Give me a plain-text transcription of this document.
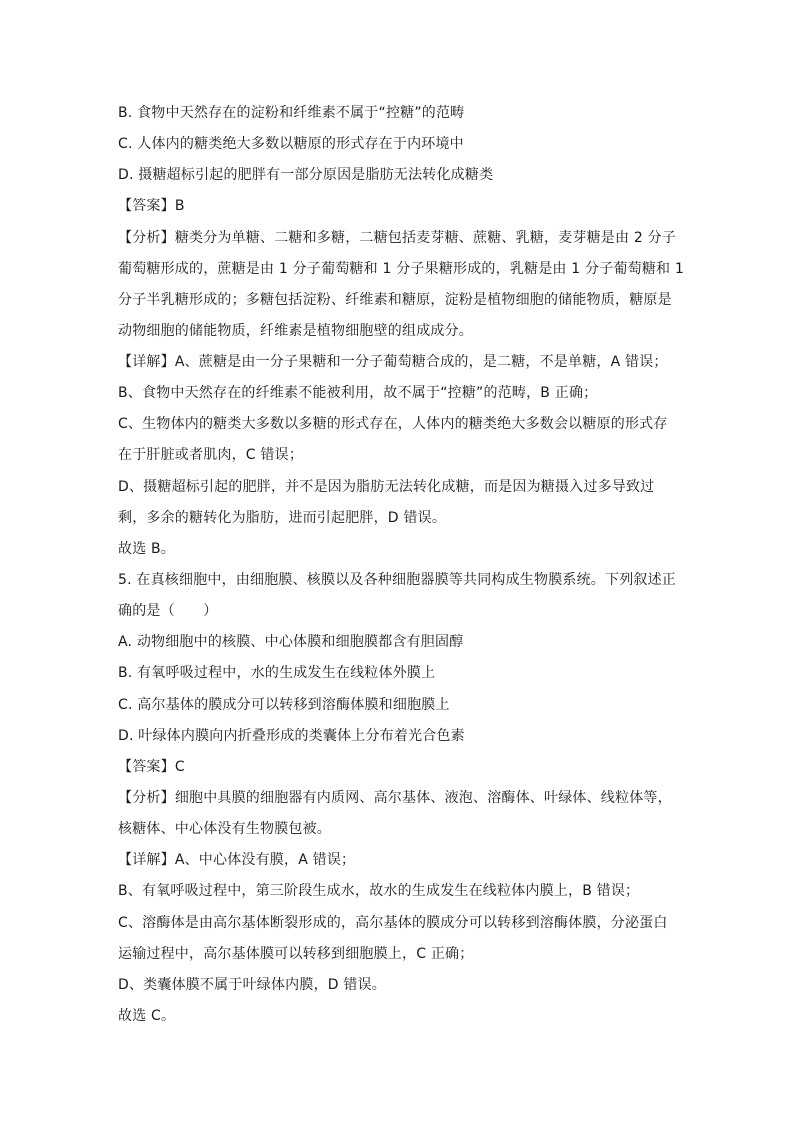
B. 食物中天然存在的淀粉和纤维素不属于“控糖”的范畴
C. 人体内的糖类绝大多数以糖原的形式存在于内环境中
D. 摄糖超标引起的肥胖有一部分原因是脂肪无法转化成糖类
【答案】B
【分析】糖类分为单糖、二糖和多糖，二糖包括麦芽糖、蔗糖、乳糖，麦芽糖是由 2 分子
葡萄糖形成的，蔗糖是由 1 分子葡萄糖和 1 分子果糖形成的，乳糖是由 1 分子葡萄糖和 1
分子半乳糖形成的；多糖包括淀粉、纤维素和糖原，淀粉是植物细胞的储能物质，糖原是
动物细胞的储能物质，纤维素是植物细胞壁的组成成分。
【详解】A、蔗糖是由一分子果糖和一分子葡萄糖合成的，是二糖，不是单糖，A 错误；
B、食物中天然存在的纤维素不能被利用，故不属于“控糖”的范畴，B 正确；
C、生物体内的糖类大多数以多糖的形式存在，人体内的糖类绝大多数会以糖原的形式存
在于肝脏或者肌肉，C 错误；
D、摄糖超标引起的肥胖，并不是因为脂肪无法转化成糖，而是因为糖摄入过多导致过
剩，多余的糖转化为脂肪，进而引起肥胖，D 错误。
故选 B。
5. 在真核细胞中，由细胞膜、核膜以及各种细胞器膜等共同构成生物膜系统。下列叙述正
确的是（　　）
A. 动物细胞中的核膜、中心体膜和细胞膜都含有胆固醇
B. 有氧呼吸过程中，水的生成发生在线粒体外膜上
C. 高尔基体的膜成分可以转移到溶酶体膜和细胞膜上
D. 叶绿体内膜向内折叠形成的类囊体上分布着光合色素
【答案】C
【分析】细胞中具膜的细胞器有内质网、高尔基体、液泡、溶酶体、叶绿体、线粒体等，
核糖体、中心体没有生物膜包被。
【详解】A、中心体没有膜，A 错误；
B、有氧呼吸过程中，第三阶段生成水，故水的生成发生在线粒体内膜上，B 错误；
C、溶酶体是由高尔基体断裂形成的，高尔基体的膜成分可以转移到溶酶体膜，分泌蛋白
运输过程中，高尔基体膜可以转移到细胞膜上，C 正确；
D、类囊体膜不属于叶绿体内膜，D 错误。
故选 C。
